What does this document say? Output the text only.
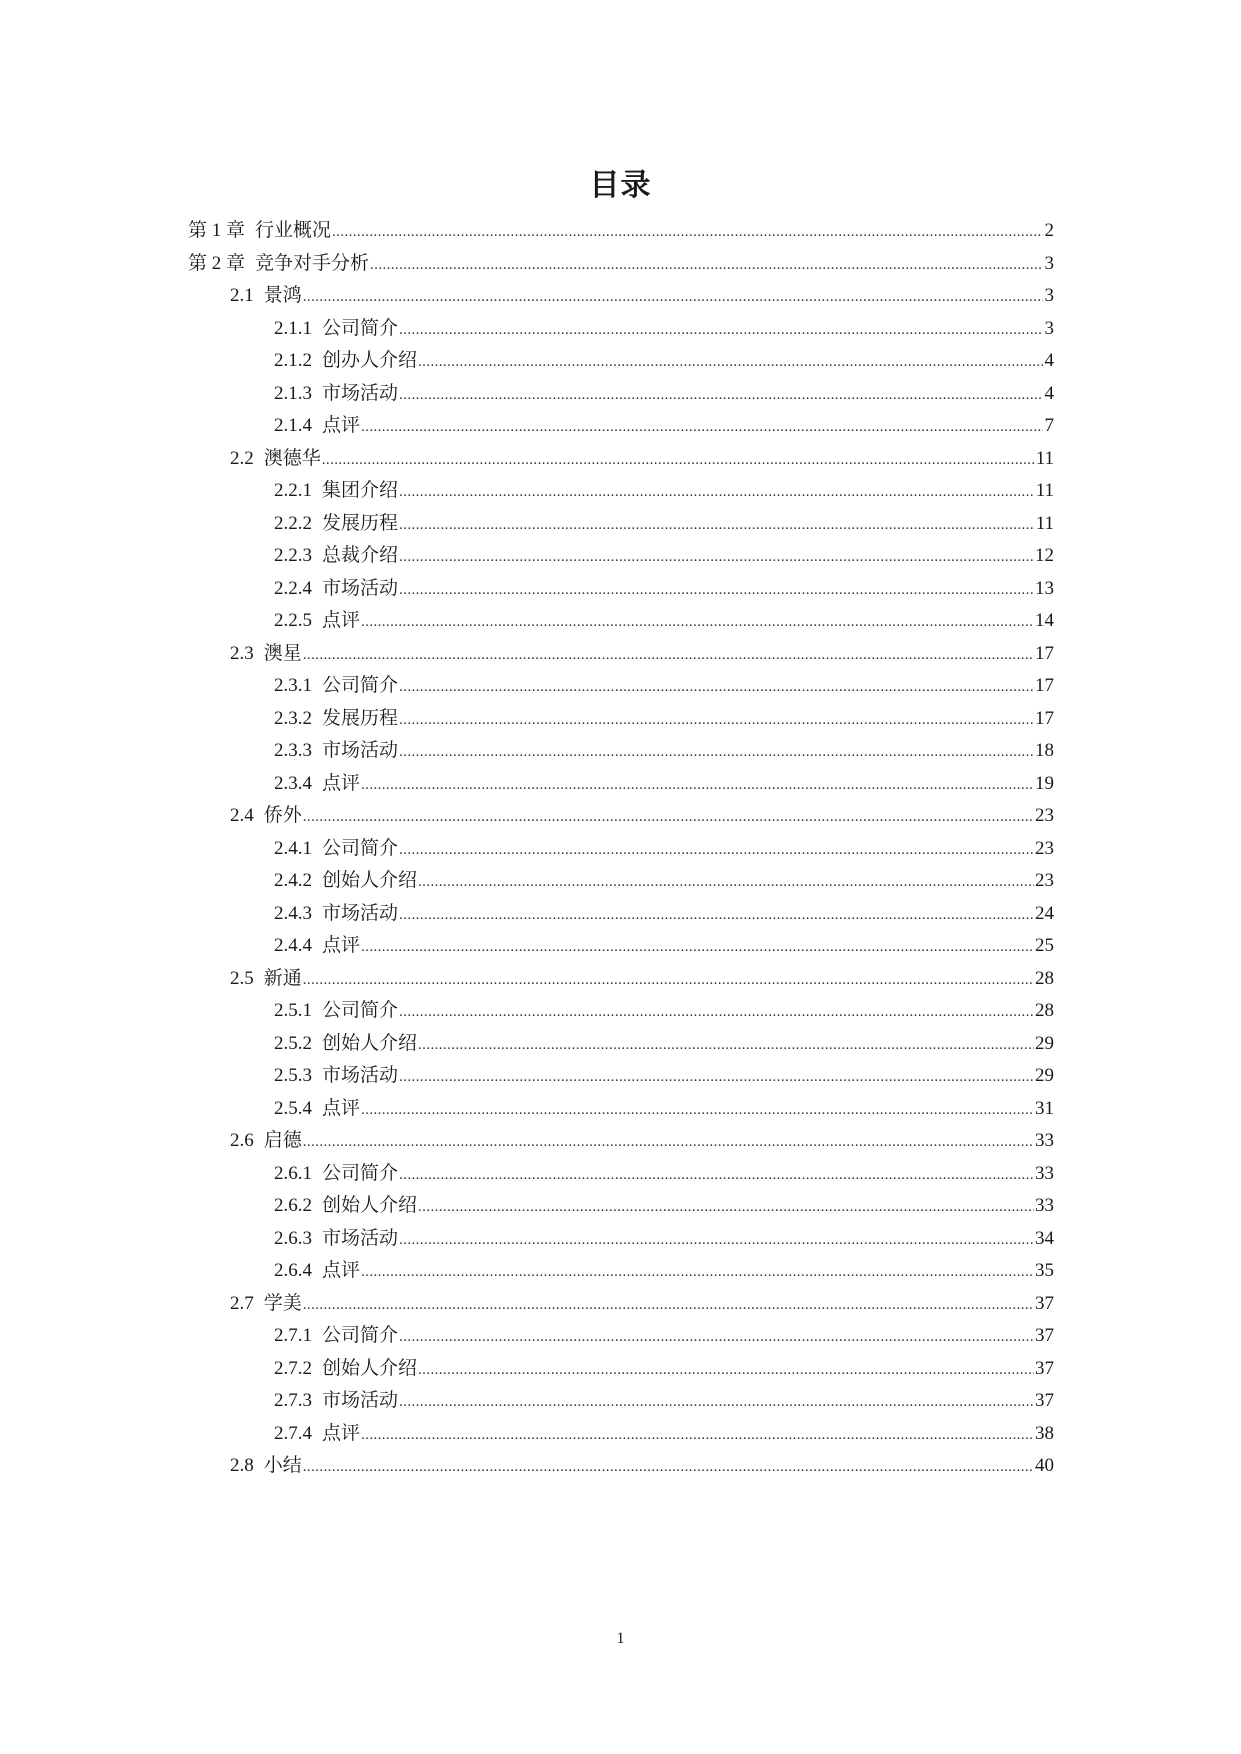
目录
第 1 章 行业概况 .....	2
第 2 章 竞争对手分析 .....	3
2.1 景鸿 .....	3
2.1.1 公司简介 .....	3
2.1.2 创办人介绍 .....	4
2.1.3 市场活动 .....	4
2.1.4 点评 .....	7
2.2 澳德华 .....	11
2.2.1 集团介绍 .....	11
2.2.2 发展历程 .....	11
2.2.3 总裁介绍 .....	12
2.2.4 市场活动 .....	13
2.2.5 点评 .....	14
2.3 澳星 .....	17
2.3.1 公司简介 .....	17
2.3.2 发展历程 .....	17
2.3.3 市场活动 .....	18
2.3.4 点评 .....	19
2.4 侨外 .....	23
2.4.1 公司简介 .....	23
2.4.2 创始人介绍 .....	23
2.4.3 市场活动 .....	24
2.4.4 点评 .....	25
2.5 新通 .....	28
2.5.1 公司简介 .....	28
2.5.2 创始人介绍 .....	29
2.5.3 市场活动 .....	29
2.5.4 点评 .....	31
2.6 启德 .....	33
2.6.1 公司简介 .....	33
2.6.2 创始人介绍 .....	33
2.6.3 市场活动 .....	34
2.6.4 点评 .....	35
2.7 学美 .....	37
2.7.1 公司简介 .....	37
2.7.2 创始人介绍 .....	37
2.7.3 市场活动 .....	37
2.7.4 点评 .....	38
2.8 小结 .....	40
1
